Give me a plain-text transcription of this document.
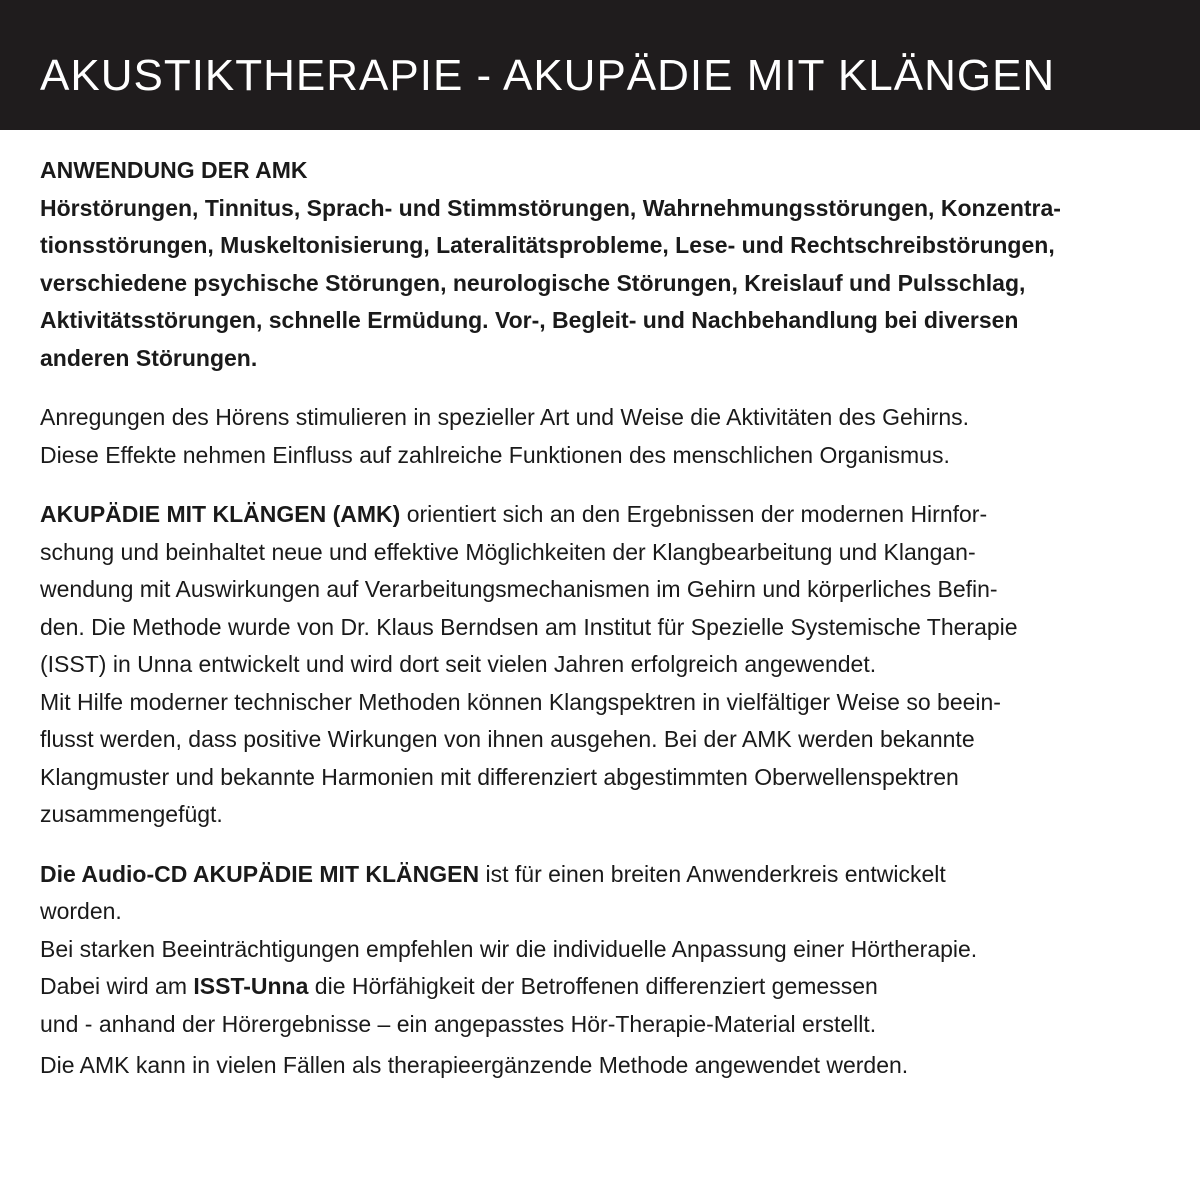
AKUSTIKTHERAPIE - AKUPÄDIE MIT KLÄNGEN
ANWENDUNG DER AMK
Hörstörungen, Tinnitus, Sprach- und Stimmstörungen, Wahrnehmungsstörungen, Konzentra-
tionsstörungen, Muskeltonisierung, Lateralitätsprobleme, Lese- und Rechtschreibstörungen,
verschiedene psychische Störungen, neurologische Störungen, Kreislauf und Pulsschlag,
Aktivitätsstörungen, schnelle Ermüdung. Vor-, Begleit- und Nachbehandlung bei diversen
anderen Störungen.
Anregungen des Hörens stimulieren in spezieller Art und Weise die Aktivitäten des Gehirns.
Diese Effekte nehmen Einfluss auf zahlreiche Funktionen des menschlichen Organismus.
AKUPÄDIE MIT KLÄNGEN (AMK) orientiert sich an den Ergebnissen der modernen Hirnfor-
schung und beinhaltet neue und effektive Möglichkeiten der Klangbearbeitung und Klangan-
wendung mit Auswirkungen auf Verarbeitungsmechanismen im Gehirn und körperliches Befin-
den. Die Methode wurde von Dr. Klaus Berndsen am Institut für Spezielle Systemische Therapie
(ISST) in Unna entwickelt und wird dort seit vielen Jahren erfolgreich angewendet.
Mit Hilfe moderner technischer Methoden können Klangspektren in vielfältiger Weise so beein-
flusst werden, dass positive Wirkungen von ihnen ausgehen. Bei der AMK werden bekannte
Klangmuster und bekannte Harmonien mit differenziert abgestimmten Oberwellenspektren
zusammengefügt.
Die Audio-CD AKUPÄDIE MIT KLÄNGEN ist für einen breiten Anwenderkreis entwickelt
worden.
Bei starken Beeinträchtigungen empfehlen wir die individuelle Anpassung einer Hörtherapie.
Dabei wird am ISST-Unna die Hörfähigkeit der Betroffenen differenziert gemessen
und - anhand der Hörergebnisse – ein angepasstes Hör-Therapie-Material erstellt.
Die AMK kann in vielen Fällen als therapieergänzende Methode angewendet werden.
